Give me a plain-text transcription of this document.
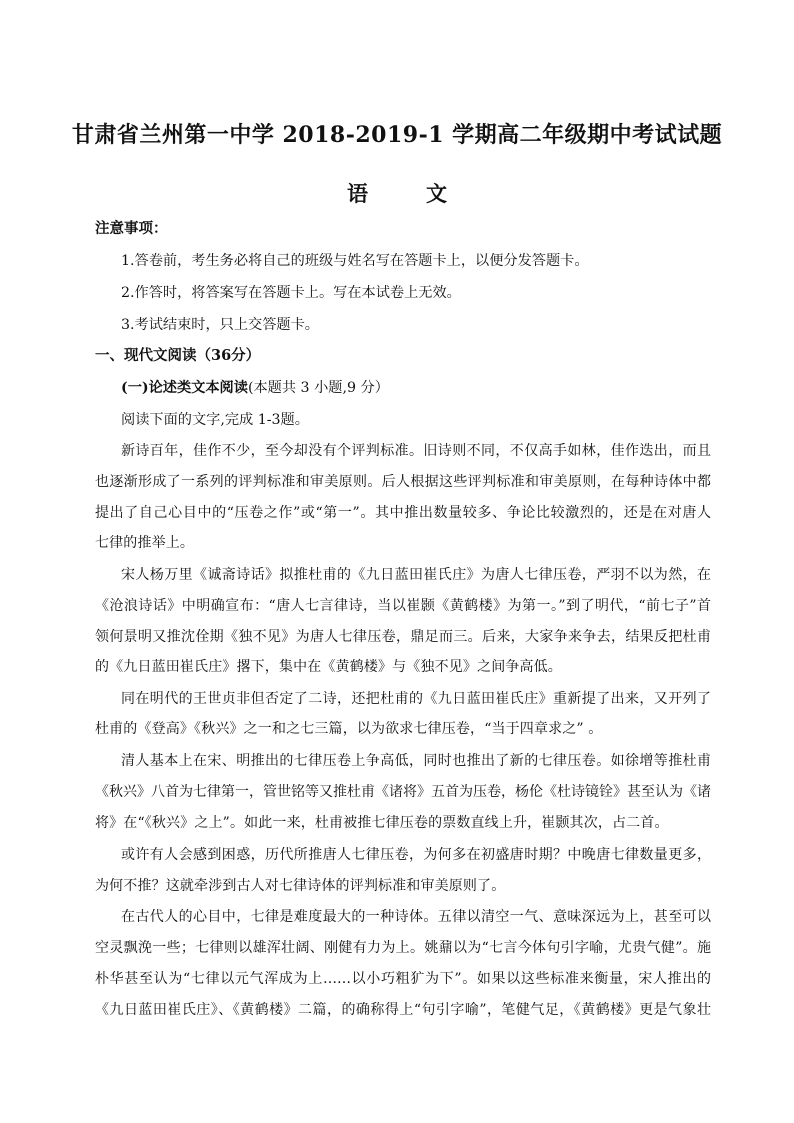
甘肃省兰州第一中学 2018-2019-1 学期高二年级期中考试试题
语	文
注意事项：
1.答卷前，考生务必将自己的班级与姓名写在答题卡上，以便分发答题卡。
2.作答时，将答案写在答题卡上。写在本试卷上无效。
3.考试结束时，只上交答题卡。
一、现代文阅读（36分）
(一)论述类文本阅读(本题共 3 小题,9 分）
阅读下面的文字,完成 1-3题。
新诗百年，佳作不少，至今却没有个评判标准。旧诗则不同，不仅高手如林，佳作迭出，而且
也逐渐形成了一系列的评判标准和审美原则。后人根据这些评判标准和审美原则，在每种诗体中都
提出了自己心目中的“压卷之作”或“第一”。其中推出数量较多、争论比较激烈的，还是在对唐人
七律的推举上。
宋人杨万里《诚斋诗话》拟推杜甫的《九日蓝田崔氏庄》为唐人七律压卷，严羽不以为然，在
《沧浪诗话》中明确宣布：“唐人七言律诗，当以崔颢《黄鹤楼》为第一。”到了明代，“前七子”首
领何景明又推沈佺期《独不见》为唐人七律压卷，鼎足而三。后来，大家争来争去，结果反把杜甫
的《九日蓝田崔氏庄》撂下，集中在《黄鹤楼》与《独不见》之间争高低。
同在明代的王世贞非但否定了二诗，还把杜甫的《九日蓝田崔氏庄》重新提了出来，又开列了
杜甫的《登高》《秋兴》之一和之七三篇，以为欲求七律压卷，“当于四章求之” 。
清人基本上在宋、明推出的七律压卷上争高低，同时也推出了新的七律压卷。如徐增等推杜甫
《秋兴》八首为七律第一，管世铭等又推杜甫《诸将》五首为压卷，杨伦《杜诗镜铨》甚至认为《诸
将》在“《秋兴》之上”。如此一来，杜甫被推七律压卷的票数直线上升，崔颢其次，占二首。
或许有人会感到困惑，历代所推唐人七律压卷，为何多在初盛唐时期？中晚唐七律数量更多，
为何不推？这就牵涉到古人对七律诗体的评判标准和审美原则了。
在古代人的心目中，七律是难度最大的一种诗体。五律以清空一气、意味深远为上，甚至可以
空灵飘浼一些；七律则以雄浑壮阔、刚健有力为上。姚鼐以为“七言今体句引字喻，尤贵气健”。施
朴华甚至认为“七律以元气浑成为上……以小巧粗犷为下”。如果以这些标准来衡量，宋人推出的
《九日蓝田崔氏庄》、《黄鹤楼》二篇，的确称得上“句引字喻”，笔健气足，《黄鹤楼》更是气象壮
